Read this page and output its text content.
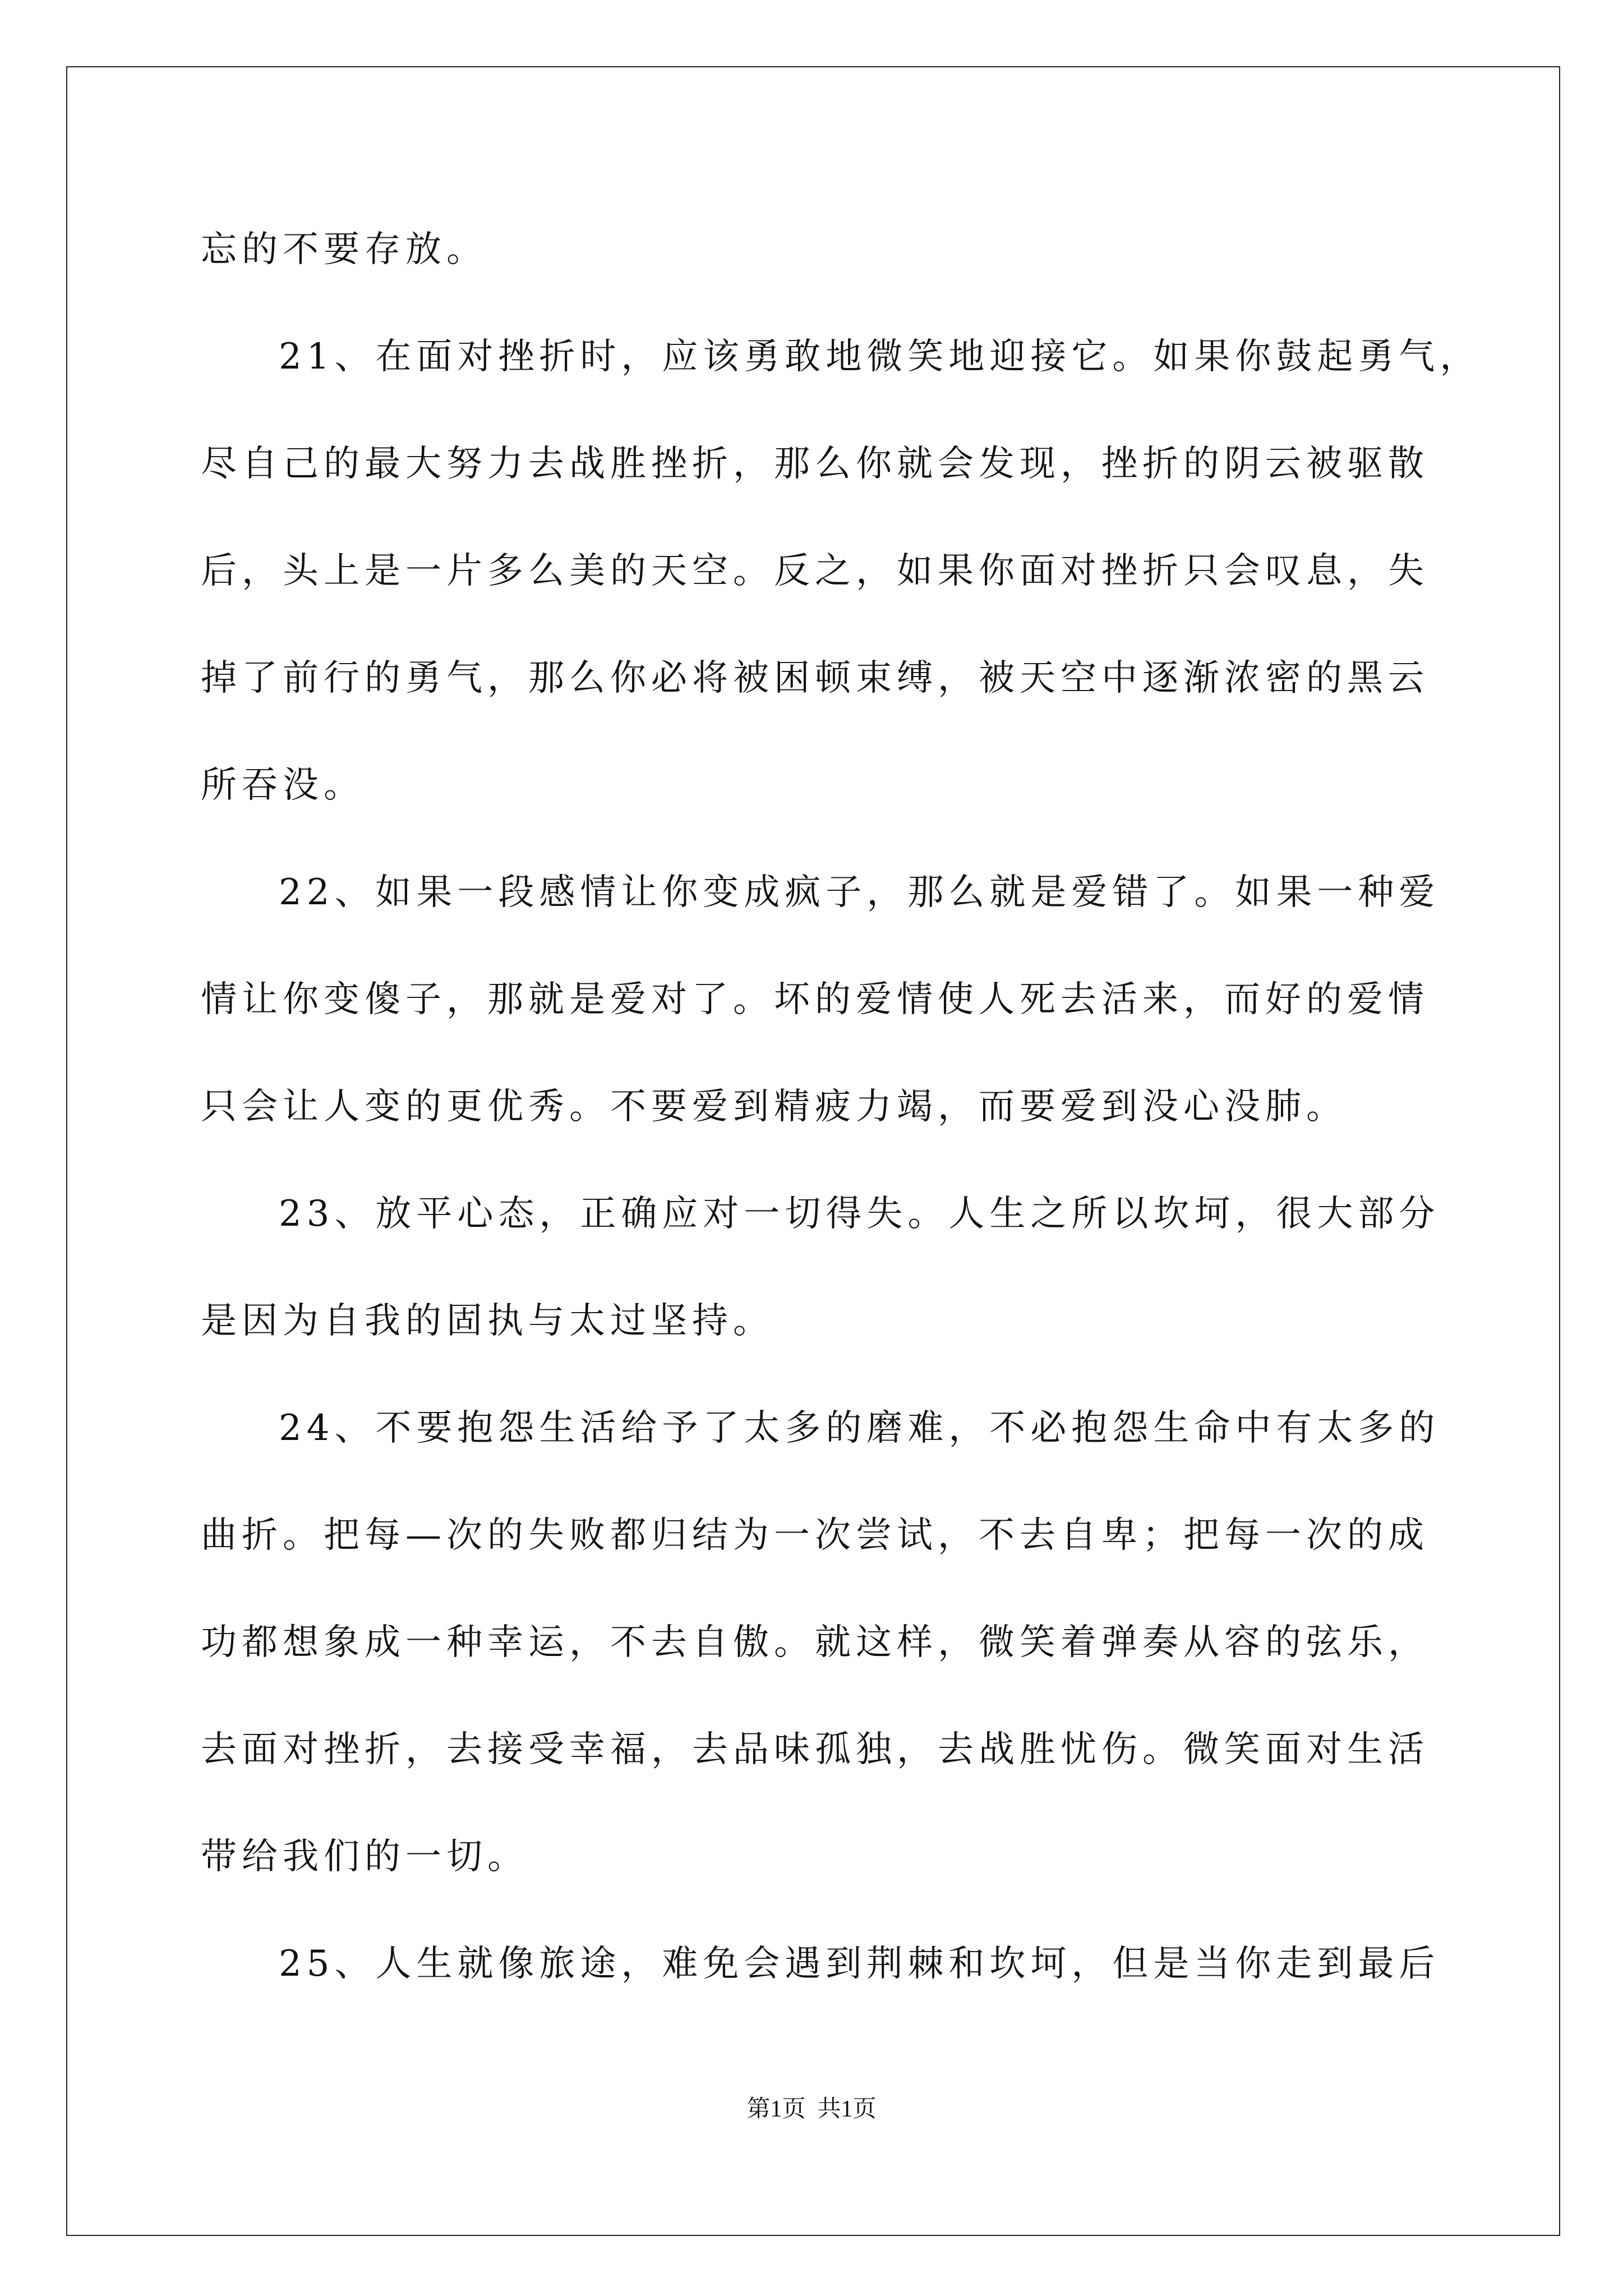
忘的不要存放。
21、在面对挫折时，应该勇敢地微笑地迎接它。如果你鼓起勇气，
尽自己的最大努力去战胜挫折，那么你就会发现，挫折的阴云被驱散
后，头上是一片多么美的天空。反之，如果你面对挫折只会叹息，失
掉了前行的勇气，那么你必将被困顿束缚，被天空中逐渐浓密的黑云
所吞没。
22、如果一段感情让你变成疯子，那么就是爱错了。如果一种爱
情让你变傻子，那就是爱对了。坏的爱情使人死去活来，而好的爱情
只会让人变的更优秀。不要爱到精疲力竭，而要爱到没心没肺。
23、放平心态，正确应对一切得失。人生之所以坎坷，很大部分
是因为自我的固执与太过坚持。
24、不要抱怨生活给予了太多的磨难，不必抱怨生命中有太多的
曲折。把每—次的失败都归结为一次尝试，不去自卑；把每一次的成
功都想象成一种幸运，不去自傲。就这样，微笑着弹奏从容的弦乐，
去面对挫折，去接受幸福，去品味孤独，去战胜忧伤。微笑面对生活
带给我们的一切。
25、人生就像旅途，难免会遇到荆棘和坎坷，但是当你走到最后
第1页  共1页
